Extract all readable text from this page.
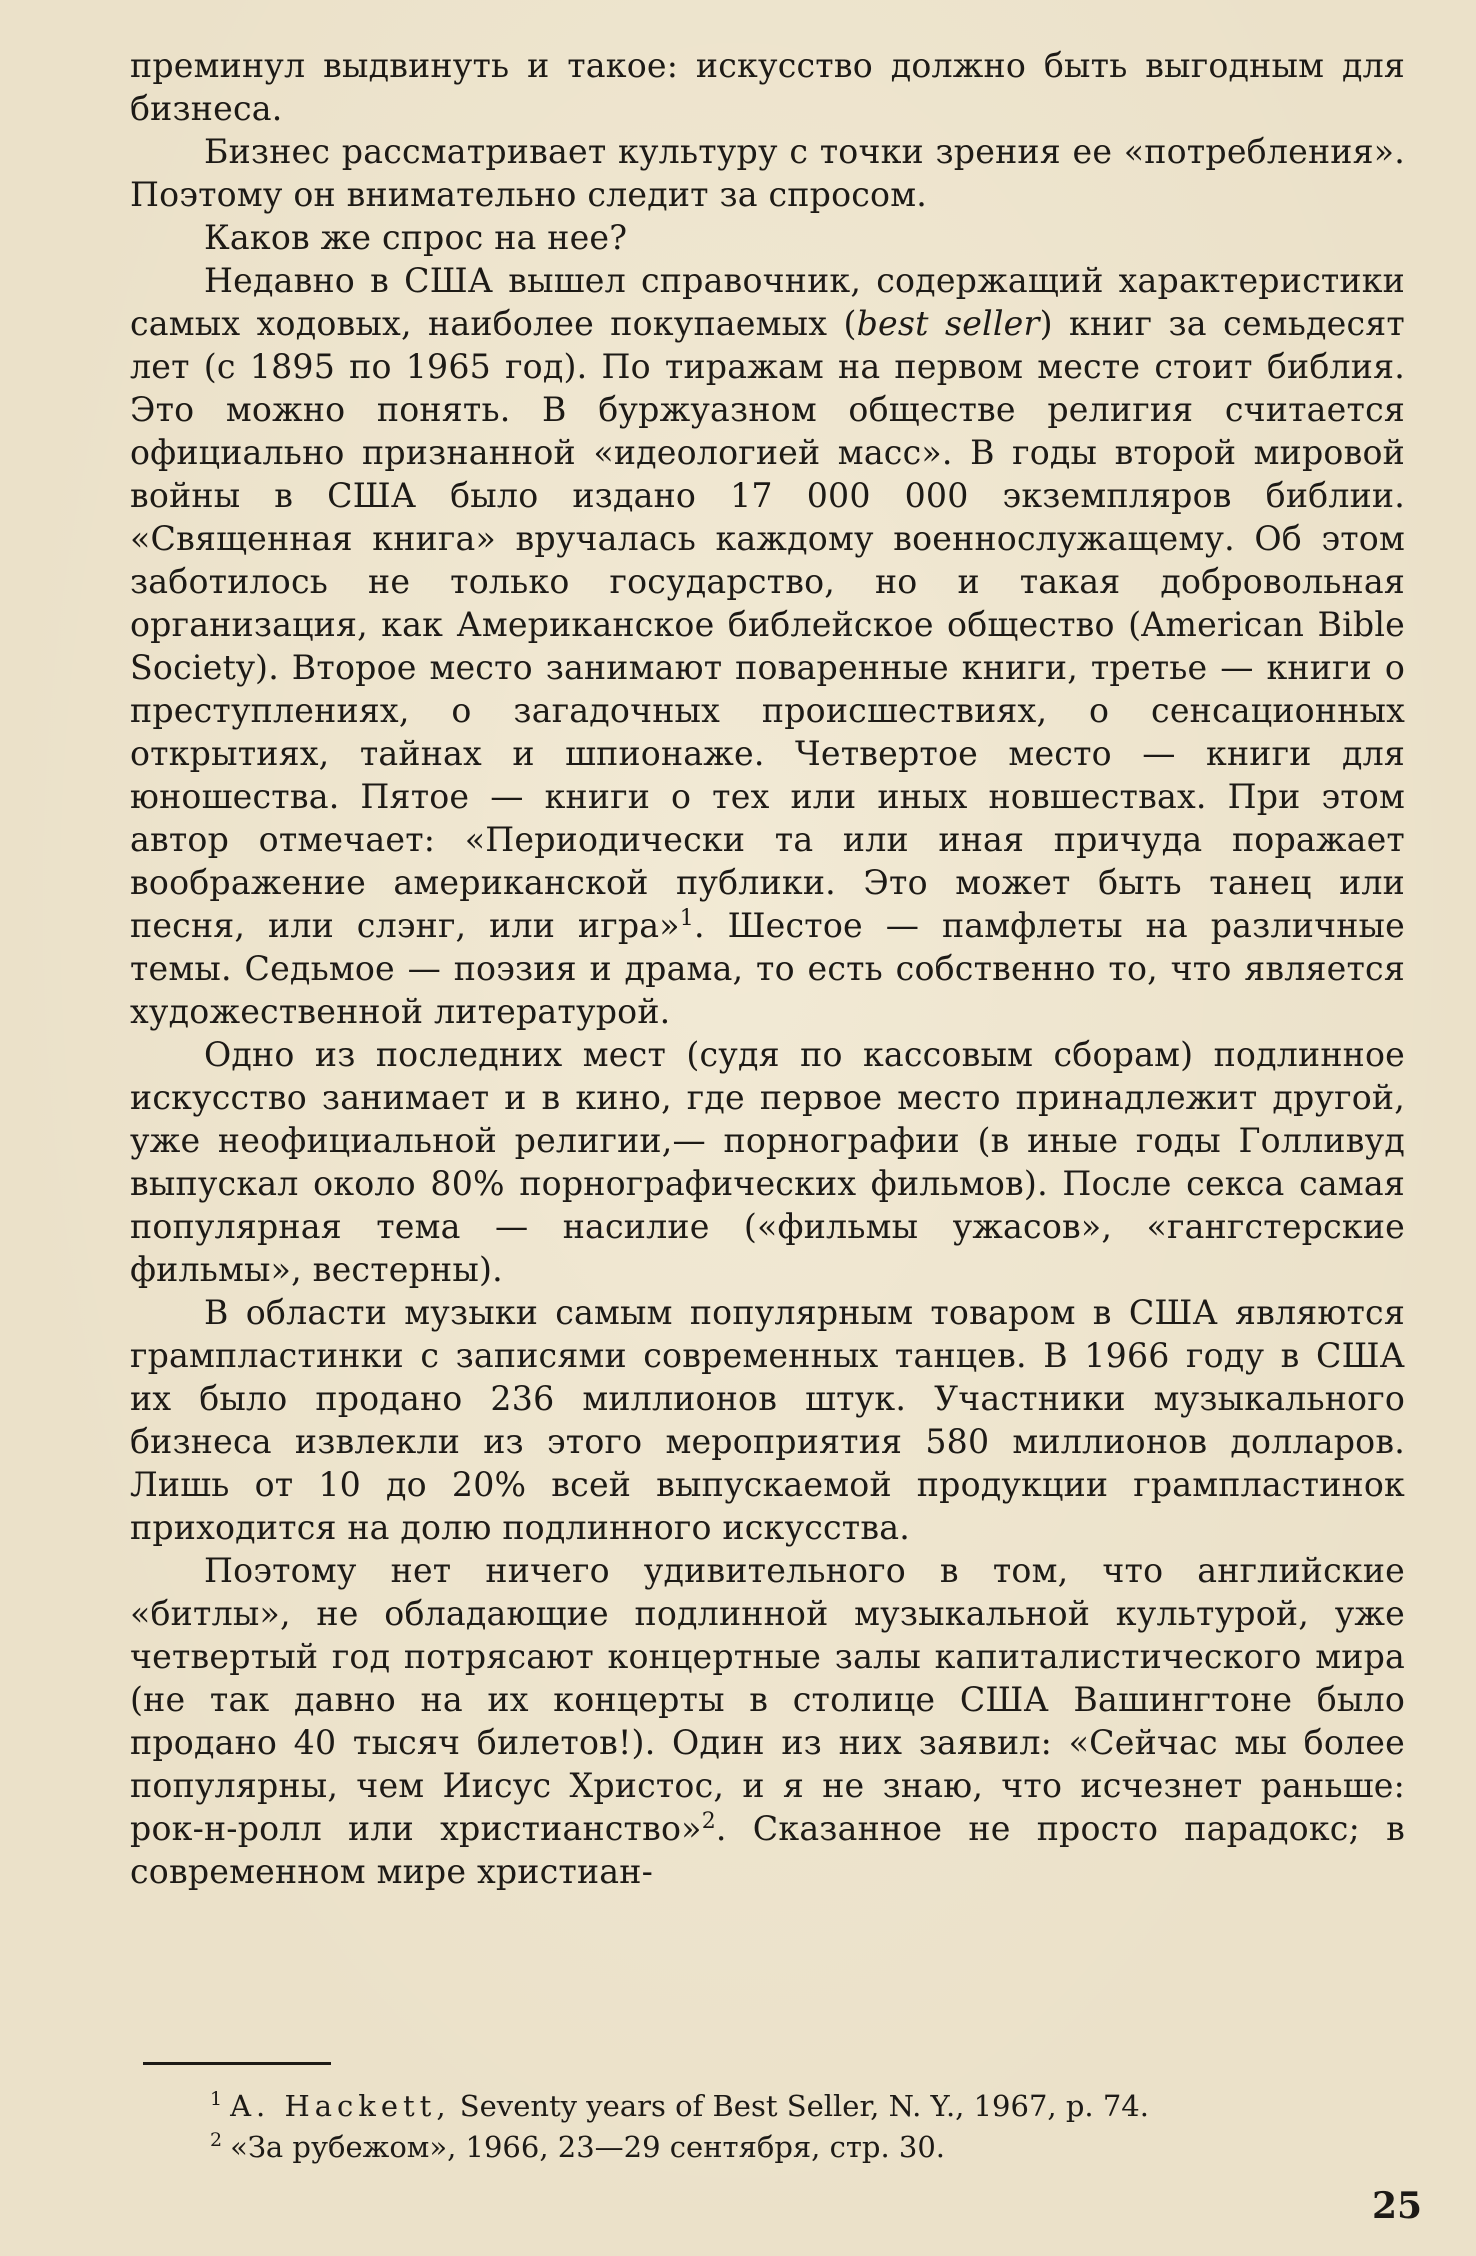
преминул выдвинуть и такое: искусство должно быть выгодным для бизнеса.

Бизнес рассматривает культуру с точки зрения ее «потребления». Поэтому он внимательно следит за спросом.

Каков же спрос на нее?

Недавно в США вышел справочник, содержащий характеристики самых ходовых, наиболее покупаемых (best seller) книг за семьдесят лет (с 1895 по 1965 год). По тиражам на первом месте стоит библия. Это можно понять. В буржуазном обществе религия считается официально признанной «идеологией масс». В годы второй мировой войны в США было издано 17 000 000 экземпляров библии. «Священная книга» вручалась каждому военнослужащему. Об этом заботилось не только государство, но и такая добровольная организация, как Американское библейское общество (American Bible Society). Второе место занимают поваренные книги, третье — книги о преступлениях, о загадочных происшествиях, о сенсационных открытиях, тайнах и шпионаже. Четвертое место — книги для юношества. Пятое — книги о тех или иных новшествах. При этом автор отмечает: «Периодически та или иная причуда поражает воображение американской публики. Это может быть танец или песня, или слэнг, или игра»$^1$. Шестое — памфлеты на различные темы. Седьмое — поэзия и драма, то есть собственно то, что является художественной литературой.

Одно из последних мест (судя по кассовым сборам) подлинное искусство занимает и в кино, где первое место принадлежит другой, уже неофициальной религии,— порнографии (в иные годы Голливуд выпускал около 80% порнографических фильмов). После секса самая популярная тема — насилие («фильмы ужасов», «гангстерские фильмы», вестерны).

В области музыки самым популярным товаром в США являются грампластинки с записями современных танцев. В 1966 году в США их было продано 236 миллионов штук. Участники музыкального бизнеса извлекли из этого мероприятия 580 миллионов долларов. Лишь от 10 до 20% всей выпускаемой продукции грампластинок приходится на долю подлинного искусства.

Поэтому нет ничего удивительного в том, что английские «битлы», не обладающие подлинной музыкальной культурой, уже четвертый год потрясают концертные залы капиталистического мира (не так давно на их концерты в столице США Вашингтоне было продано 40 тысяч билетов!). Один из них заявил: «Сейчас мы более популярны, чем Иисус Христос, и я не знаю, что исчезнет раньше: рок-н-ролл или христианство»$^2$. Сказанное не просто парадокс; в современном мире христиан-

$^1$ A. Hackett, Seventy years of Best Seller, N. Y., 1967, p. 74.

$^2$ «За рубежом», 1966, 23—29 сентября, стр. 30.

25
